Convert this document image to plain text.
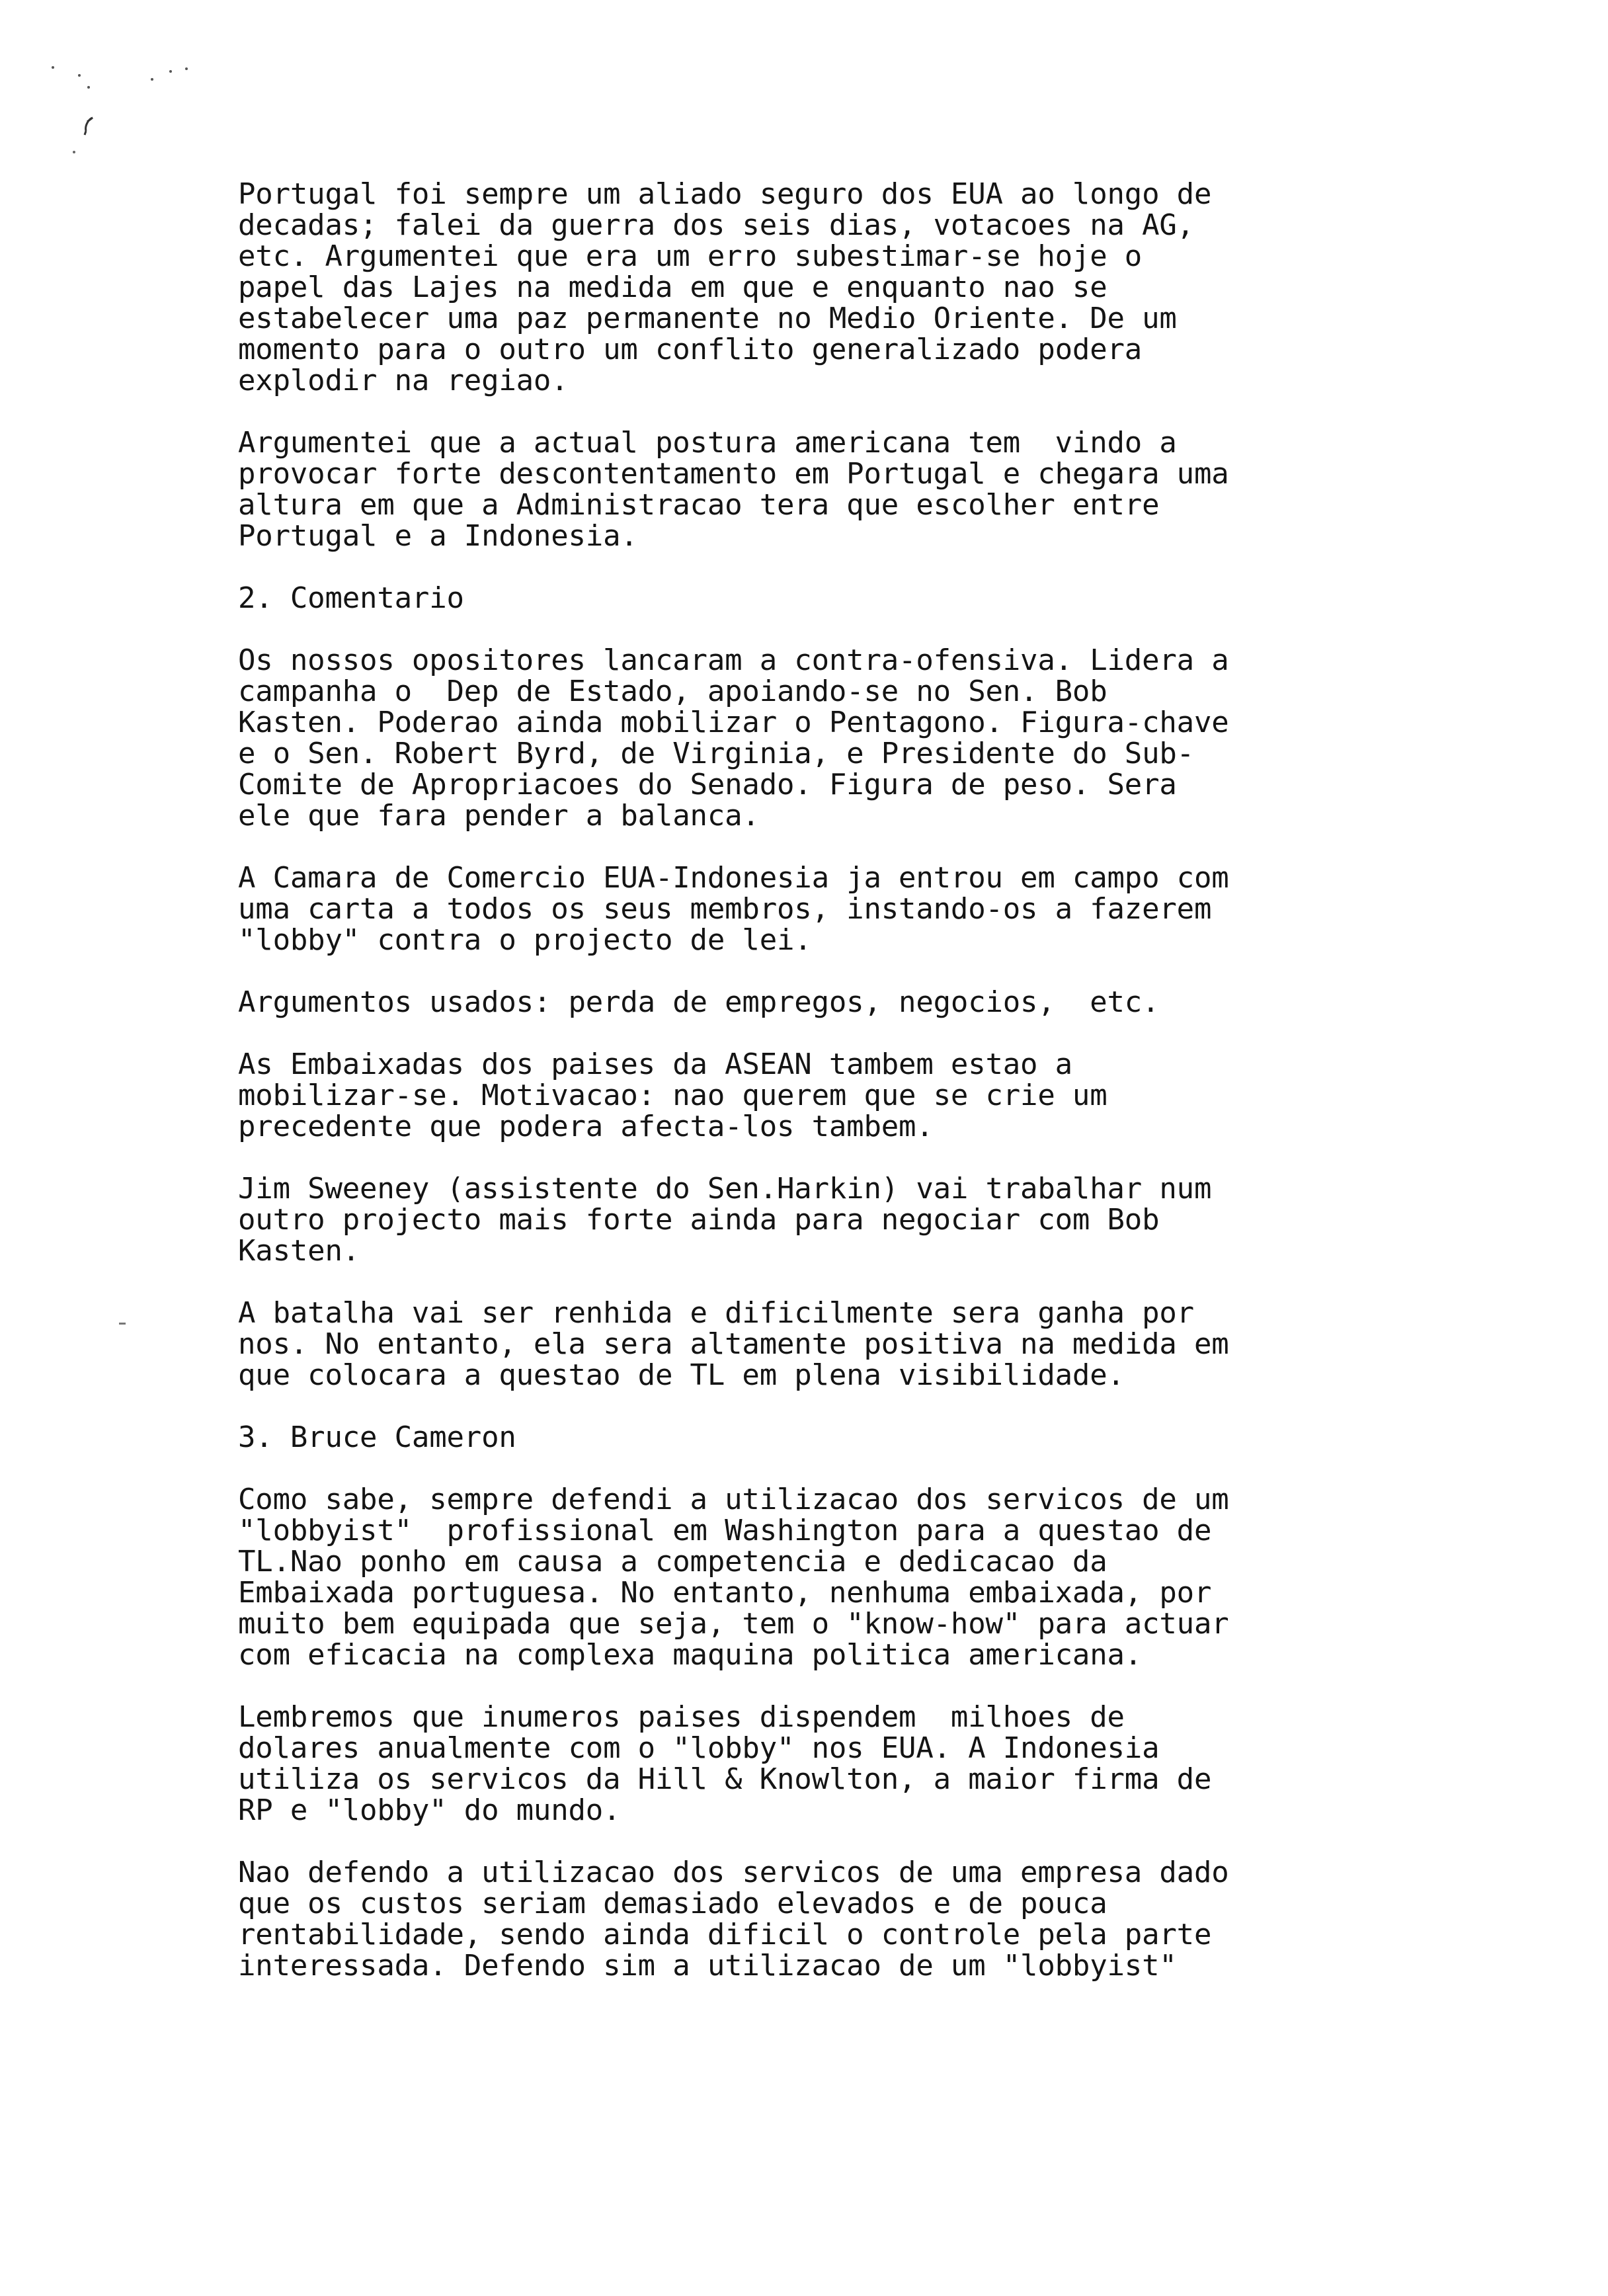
Portugal foi sempre um aliado seguro dos EUA ao longo de
decadas; falei da guerra dos seis dias, votacoes na AG,
etc. Argumentei que era um erro subestimar-se hoje o
papel das Lajes na medida em que e enquanto nao se
estabelecer uma paz permanente no Medio Oriente. De um
momento para o outro um conflito generalizado podera
explodir na regiao.
Argumentei que a actual postura americana tem  vindo a
provocar forte descontentamento em Portugal e chegara uma
altura em que a Administracao tera que escolher entre
Portugal e a Indonesia.
2. Comentario
Os nossos opositores lancaram a contra-ofensiva. Lidera a
campanha o  Dep de Estado, apoiando-se no Sen. Bob
Kasten. Poderao ainda mobilizar o Pentagono. Figura-chave
e o Sen. Robert Byrd, de Virginia, e Presidente do Sub-
Comite de Apropriacoes do Senado. Figura de peso. Sera
ele que fara pender a balanca.
A Camara de Comercio EUA-Indonesia ja entrou em campo com
uma carta a todos os seus membros, instando-os a fazerem
"lobby" contra o projecto de lei.
Argumentos usados: perda de empregos, negocios,  etc.
As Embaixadas dos paises da ASEAN tambem estao a
mobilizar-se. Motivacao: nao querem que se crie um
precedente que podera afecta-los tambem.
Jim Sweeney (assistente do Sen.Harkin) vai trabalhar num
outro projecto mais forte ainda para negociar com Bob
Kasten.
A batalha vai ser renhida e dificilmente sera ganha por
nos. No entanto, ela sera altamente positiva na medida em
que colocara a questao de TL em plena visibilidade.
3. Bruce Cameron
Como sabe, sempre defendi a utilizacao dos servicos de um
"lobbyist"  profissional em Washington para a questao de
TL.Nao ponho em causa a competencia e dedicacao da
Embaixada portuguesa. No entanto, nenhuma embaixada, por
muito bem equipada que seja, tem o "know-how" para actuar
com eficacia na complexa maquina politica americana.
Lembremos que inumeros paises dispendem  milhoes de
dolares anualmente com o "lobby" nos EUA. A Indonesia
utiliza os servicos da Hill & Knowlton, a maior firma de
RP e "lobby" do mundo.
Nao defendo a utilizacao dos servicos de uma empresa dado
que os custos seriam demasiado elevados e de pouca
rentabilidade, sendo ainda dificil o controle pela parte
interessada. Defendo sim a utilizacao de um "lobbyist"
